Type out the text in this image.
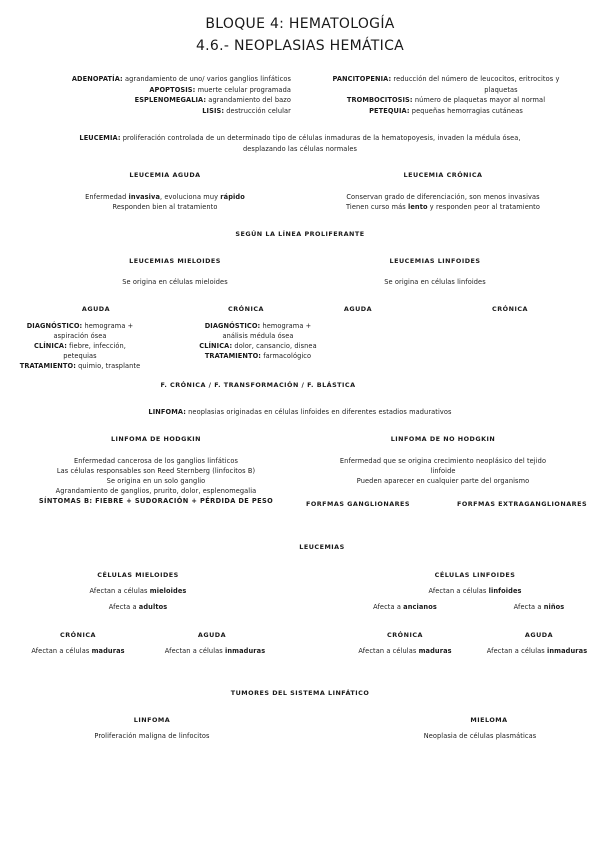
BLOQUE 4: HEMATOLOGÍA
4.6.- NEOPLASIAS HEMÁTICA
ADENOPATÍA: agrandamiento de uno/ varios ganglios linfáticos
APOPTOSIS: muerte celular programada
ESPLENOMEGALIA: agrandamiento del bazo
LISIS: destrucción celular
PANCITOPENIA: reducción del número de leucocitos, eritrocitos y
plaquetas
TROMBOCITOSIS: número de plaquetas mayor al normal
PETEQUIA: pequeñas hemorragias cutáneas
LEUCEMIA: proliferación controlada de un determinado tipo de células inmaduras de la hematopoyesis, invaden la médula ósea,
desplazando las células normales
LEUCEMIA AGUDA
Enfermedad invasiva, evoluciona muy rápido
Responden bien al tratamiento
LEUCEMIA CRÓNICA
Conservan grado de diferenciación, son menos invasivas
Tienen curso más lento y responden peor al tratamiento
SEGÚN LA LÍNEA PROLIFERANTE
LEUCEMIAS MIELOIDES
Se origina en células mieloides
LEUCEMIAS LINFOIDES
Se origina en células linfoides
AGUDA	CRÓNICA	AGUDA	CRÓNICA
DIAGNÓSTICO: hemograma +
aspiración ósea
CLÍNICA: fiebre, infección,
petequias
TRATAMIENTO: quimio, trasplante
DIAGNÓSTICO: hemograma +
análisis médula ósea
CLÍNICA: dolor, cansancio, disnea
TRATAMIENTO: farmacológico
F. CRÓNICA / F. TRANSFORMACIÓN / F. BLÁSTICA
LINFOMA: neoplasias originadas en células linfoides en diferentes estadios madurativos
LINFOMA DE HODGKIN
Enfermedad cancerosa de los ganglios linfáticos
Las células responsables son Reed Sternberg (linfocitos B)
Se origina en un solo ganglio
Agrandamiento de ganglios, prurito, dolor, esplenomegalia
SÍNTOMAS B: FIEBRE + SUDORACIÓN + PÉRDIDA DE PESO
LINFOMA DE NO HODGKIN
Enfermedad que se origina crecimiento neoplásico del tejido
linfoide
Pueden aparecer en cualquier parte del organismo
FORFMAS GANGLIONARES	FORFMAS EXTRAGANGLIONARES
LEUCEMIAS
CÉLULAS MIELOIDES
Afectan a células mieloides
Afecta a adultos
CÉLULAS LINFOIDES
Afectan a células linfoides
Afecta a ancianos	Afecta a niños
CRÓNICA	AGUDA	CRÓNICA	AGUDA
Afectan a células maduras	Afectan a células inmaduras	Afectan a células maduras	Afectan a células inmaduras
TUMORES DEL SISTEMA LINFÁTICO
LINFOMA
Proliferación maligna de linfocitos
MIELOMA
Neoplasia de células plasmáticas
